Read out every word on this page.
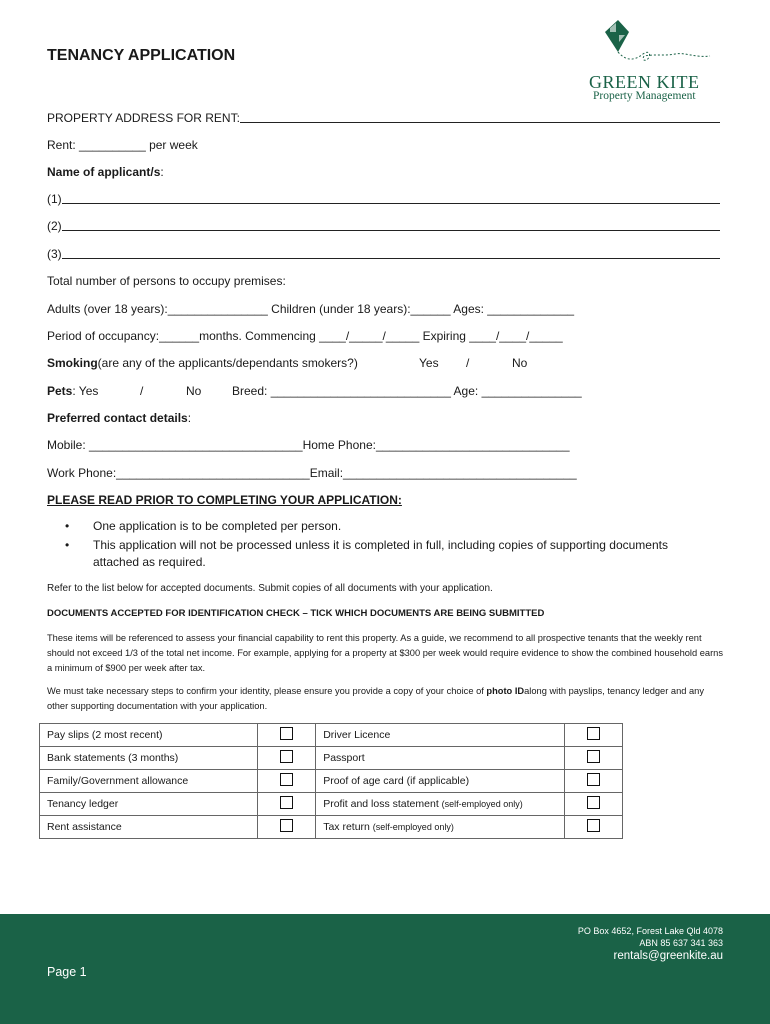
TENANCY APPLICATION
GREEN KITE
Property Management
PROPERTY ADDRESS FOR RENT:
Rent: __________ per week
Name of applicant/s :
(1)
(2)
(3)
Total number of persons to occupy premises:
Adults (over 18 years):_______________ Children (under 18 years):______ Ages: _____________
Period of occupancy:______months. Commencing ____/_____/_____ Expiring ____/____/_____
Smoking (are any of the applicants/dependants smokers?)	Yes /	No
Pets : Yes	/	No	Breed: ___________________________ Age: _______________
Preferred contact details :
Mobile: ________________________________Home Phone:_____________________________
Work Phone:_____________________________Email:___________________________________
PLEASE READ PRIOR TO COMPLETING YOUR APPLICATION:
•	One application is to be completed per person.
•	This application will not be processed unless it is completed in full, including copies of supporting documents attached as required.
Refer to the list below for accepted documents. Submit copies of all documents with your application.
DOCUMENTS ACCEPTED FOR IDENTIFICATION CHECK – TICK WHICH DOCUMENTS ARE BEING SUBMITTED
These items will be referenced to assess your financial capability to rent this property. As a guide, we recommend to all prospective tenants that the weekly rent should not exceed 1/3 of the total net income. For example, applying for a property at $300 per week would require evidence to show the combined household earns a minimum of $900 per week after tax.
We must take necessary steps to confirm your identity, please ensure you provide a copy of your choice of photo IDalong with payslips, tenancy ledger and any other supporting documentation with your application.
Pay slips (2 most recent)		Driver Licence	
Bank statements (3 months)		Passport	
Family/Government allowance		Proof of age card (if applicable)	
Tenancy ledger		Profit and loss statement (self-employed only)	
Rent assistance		Tax return (self-employed only)	
PO Box 4652, Forest Lake Qld 4078
ABN 85 637 341 363
rentals@greenkite.au
Page 1
